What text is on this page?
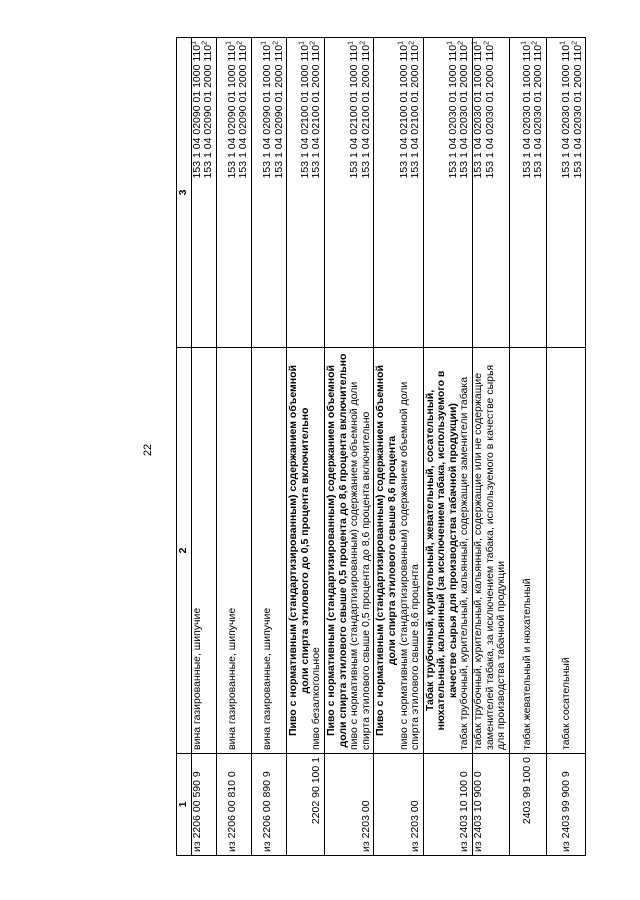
22
1	2	3
из 2206 00 590 9	вина газированные, шипучие	153 1 04 02090 01 1000 $110^1$
153 1 04 02090 01 2000 $110^2$

из 2206 00 810 0	вина газированные, шипучие	153 1 04 02090 01 1000 $110^1$
153 1 04 02090 01 2000 $110^2$

из 2206 00 890 9	вина газированные, шипучие	153 1 04 02090 01 1000 $110^1$
153 1 04 02090 01 2000 $110^2$

2202 90 100 1	Пиво с нормативным (стандартизированным) содержанием объемной доли спирта этилового до 0,5 процента включительно
пиво безалкогольное	153 1 04 02100 01 1000 $110^1$
153 1 04 02100 01 2000 $110^2$

из 2203 00	Пиво с нормативным (стандартизированным) содержанием объемной доли спирта этилового свыше 0,5 процента до 8,6 процента включительно пиво с нормативным (стандартизированным) содержанием объемной доли спирта этилового свыше 0,5 процента до 8,6 процента включительно	153 1 04 02100 01 1000 $110^1$
153 1 04 02100 01 2000 $110^2$

из 2203 00	Пиво с нормативным (стандартизированным) содержанием объемной доли спирта этилового свыше 8,6 процента пиво с нормативным (стандартизированным) содержанием объемной доли спирта этилового свыше 8,6 процента	153 1 04 02100 01 1000 $110^1$
153 1 04 02100 01 2000 $110^2$

из 2403 10 100 0	Табак трубочный, курительный, жевательный, сосательный, нюхательный, кальянный (за исключением табака, используемого в качестве сырья для производства табачной продукции) табак трубочный, курительный, кальянный, содержащие заменители табака	153 1 04 02030 01 1000 $110^1$
153 1 04 02030 01 2000 $110^2$

из 2403 10 900 0	табак трубочный, курительный, кальянный, содержащие или не содержащие заменителей табака, за исключением табака, используемого в качестве сырья для производства табачной продукции	153 1 04 02030 01 1000 $110^1$
153 1 04 02030 01 2000 $110^2$

2403 99 100 0	табак жевательный и нюхательный	153 1 04 02030 01 1000 $110^1$
153 1 04 02030 01 2000 $110^2$

из 2403 99 900 9	табак сосательный	153 1 04 02030 01 1000 $110^1$
153 1 04 02030 01 2000 $110^2$
